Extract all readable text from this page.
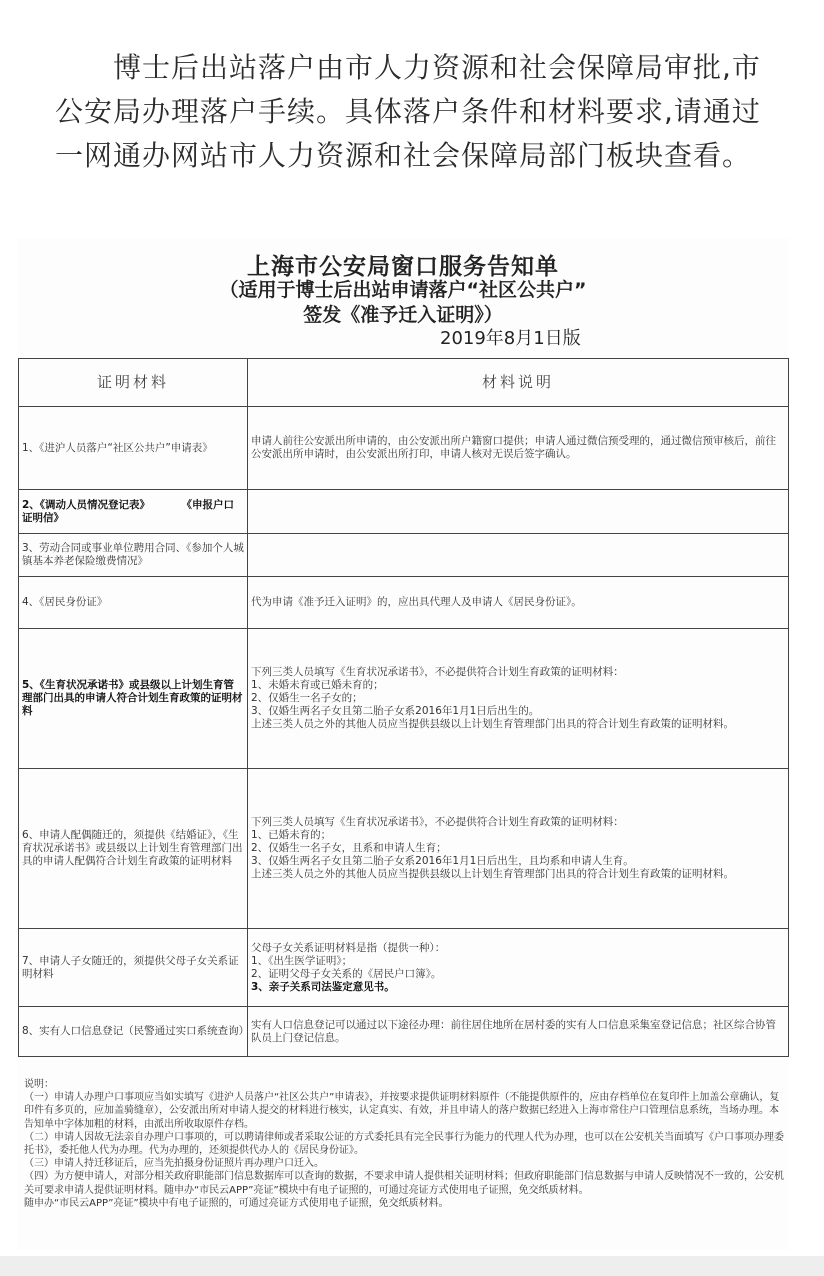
博士后出站落户由市人力资源和社会保障局审批,市公安局办理落户手续。具体落户条件和材料要求,请通过一网通办网站市人力资源和社会保障局部门板块查看。
上海市公安局窗口服务告知单
（适用于博士后出站申请落户“社区公共户”
签发《准予迁入证明》）
2019年8月1日版
证明材料	材料说明
1、《进沪人员落户“社区公共户”申请表》	申请人前往公安派出所申请的，由公安派出所户籍窗口提供；申请人通过微信预受理的，通过微信预审核后，前往公安派出所申请时，由公安派出所打印，申请人核对无误后签字确认。
2、《调动人员情况登记表》　　　　《申报户口证明信》	
3、劳动合同或事业单位聘用合同、《参加个人城镇基本养老保险缴费情况》	
4、《居民身份证》	代为申请《准予迁入证明》的，应出具代理人及申请人《居民身份证》。
5、《生育状况承诺书》或县级以上计划生育管理部门出具的申请人符合计划生育政策的证明材料	下列三类人员填写《生育状况承诺书》，不必提供符合计划生育政策的证明材料：
1、未婚未育或已婚未育的；
2、仅婚生一名子女的；
3、仅婚生两名子女且第二胎子女系2016年1月1日后出生的。
上述三类人员之外的其他人员应当提供县级以上计划生育管理部门出具的符合计划生育政策的证明材料。

6、申请人配偶随迁的，须提供《结婚证》，《生育状况承诺书》或县级以上计划生育管理部门出具的申请人配偶符合计划生育政策的证明材料	下列三类人员填写《生育状况承诺书》，不必提供符合计划生育政策的证明材料：
1、已婚未育的；
2、仅婚生一名子女，且系和申请人生育；
3、仅婚生两名子女且第二胎子女系2016年1月1日后出生，且均系和申请人生育。
上述三类人员之外的其他人员应当提供县级以上计划生育管理部门出具的符合计划生育政策的证明材料。

7、申请人子女随迁的，须提供父母子女关系证明材料	父母子女关系证明材料是指（提供一种）：
1、《出生医学证明》；
2、证明父母子女关系的《居民户口簿》。
3、亲子关系司法鉴定意见书。

8、实有人口信息登记（民警通过实口系统查询）	实有人口信息登记可以通过以下途径办理：前往居住地所在居村委的实有人口信息采集室登记信息；社区综合协管队员上门登记信息。
说明：
（一）申请人办理户口事项应当如实填写《进沪人员落户“社区公共户”申请表》，并按要求提供证明材料原件（不能提供原件的，应由存档单位在复印件上加盖公章确认，复印件有多页的，应加盖骑缝章），公安派出所对申请人提交的材料进行核实，认定真实、有效，并且申请人的落户数据已经进入上海市常住户口管理信息系统，当场办理。本告知单中字体加粗的材料，由派出所收取原件存档。
（二）申请人因故无法亲自办理户口事项的，可以聘请律师或者采取公证的方式委托具有完全民事行为能力的代理人代为办理，也可以在公安机关当面填写《户口事项办理委托书》，委托他人代为办理。代为办理的，还须提供代办人的《居民身份证》。
（三）申请人持迁移证后，应当先拍摄身份证照片再办理户口迁入。
（四）为方便申请人，对部分相关政府职能部门信息数据库可以查询的数据，不要求申请人提供相关证明材料；但政府职能部门信息数据与申请人反映情况不一致的，公安机关可要求申请人提供证明材料。随申办“市民云APP”亮证”模块中有电子证照的，可通过亮证方式使用电子证照，免交纸质材料。
随申办“市民云APP”亮证”模块中有电子证照的，可通过亮证方式使用电子证照，免交纸质材料。
